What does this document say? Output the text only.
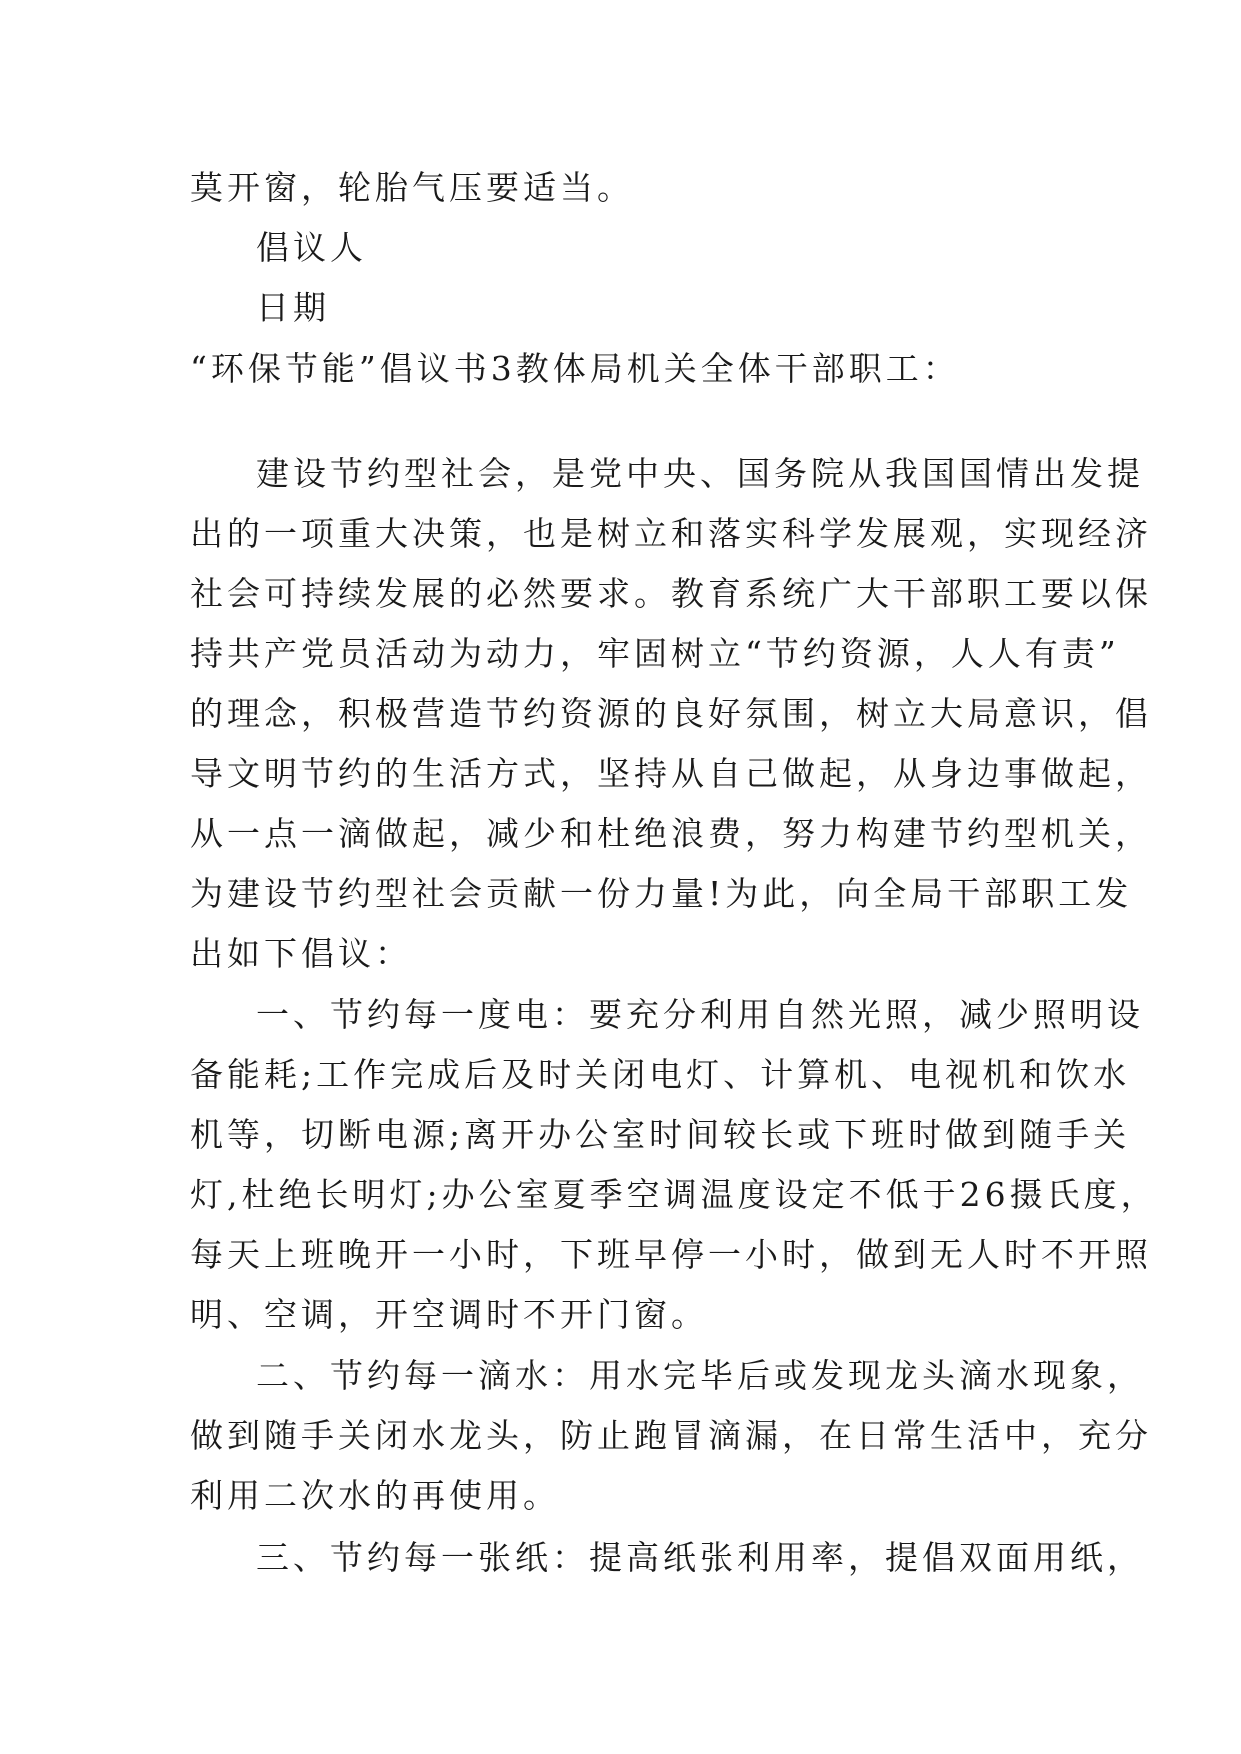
莫开窗，轮胎气压要适当。
倡议人
日期
“环保节能”倡议书3教体局机关全体干部职工：
建设节约型社会，是党中央、国务院从我国国情出发提
出的一项重大决策，也是树立和落实科学发展观，实现经济
社会可持续发展的必然要求。教育系统广大干部职工要以保
持共产党员活动为动力，牢固树立“节约资源，人人有责”
的理念，积极营造节约资源的良好氛围，树立大局意识，倡
导文明节约的生活方式，坚持从自己做起，从身边事做起，
从一点一滴做起，减少和杜绝浪费，努力构建节约型机关，
为建设节约型社会贡献一份力量!为此，向全局干部职工发
出如下倡议：
一、节约每一度电：要充分利用自然光照，减少照明设
备能耗;工作完成后及时关闭电灯、计算机、电视机和饮水
机等，切断电源;离开办公室时间较长或下班时做到随手关
灯,杜绝长明灯;办公室夏季空调温度设定不低于26摄氏度，
每天上班晚开一小时，下班早停一小时，做到无人时不开照
明、空调，开空调时不开门窗。
二、节约每一滴水：用水完毕后或发现龙头滴水现象，
做到随手关闭水龙头，防止跑冒滴漏，在日常生活中，充分
利用二次水的再使用。
三、节约每一张纸：提高纸张利用率，提倡双面用纸，
